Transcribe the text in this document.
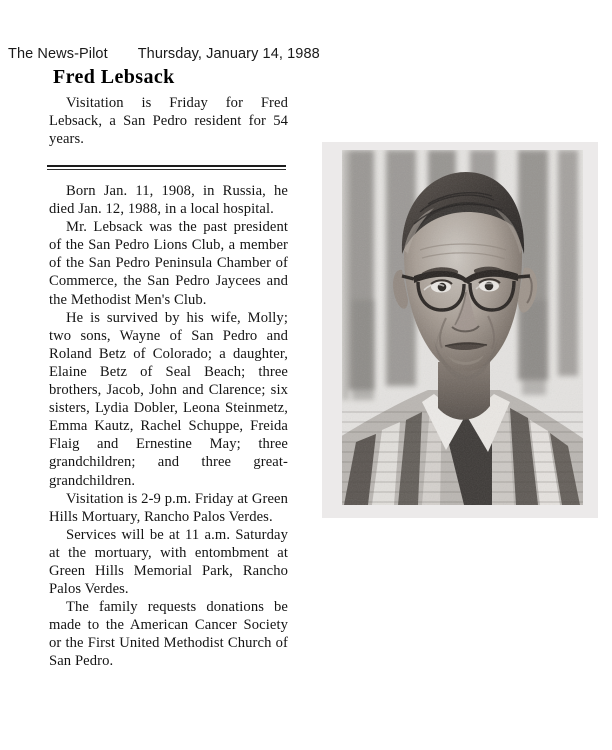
The News-Pilot Thursday, January 14, 1988
Fred Lebsack

Visitation is Friday for Fred Lebsack, a San Pedro resident for 54 years.

Born Jan. 11, 1908, in Russia, he died Jan. 12, 1988, in a local hospital.

Mr. Lebsack was the past president of the San Pedro Lions Club, a member of the San Pedro Peninsula Chamber of Commerce, the San Pedro Jaycees and the Methodist Men's Club.

He is survived by his wife, Molly; two sons, Wayne of San Pedro and Roland Betz of Colorado; a daughter, Elaine Betz of Seal Beach; three brothers, Jacob, John and Clarence; six sisters, Lydia Dobler, Leona Steinmetz, Emma Kautz, Rachel Schuppe, Freida Flaig and Ernestine May; three grandchildren; and three great-grandchildren.

Visitation is 2-9 p.m. Friday at Green Hills Mortuary, Rancho Palos Verdes.

Services will be at 11 a.m. Saturday at the mortuary, with entombment at Green Hills Memorial Park, Rancho Palos Verdes.

The family requests donations be made to the American Cancer Society or the First United Methodist Church of San Pedro.
